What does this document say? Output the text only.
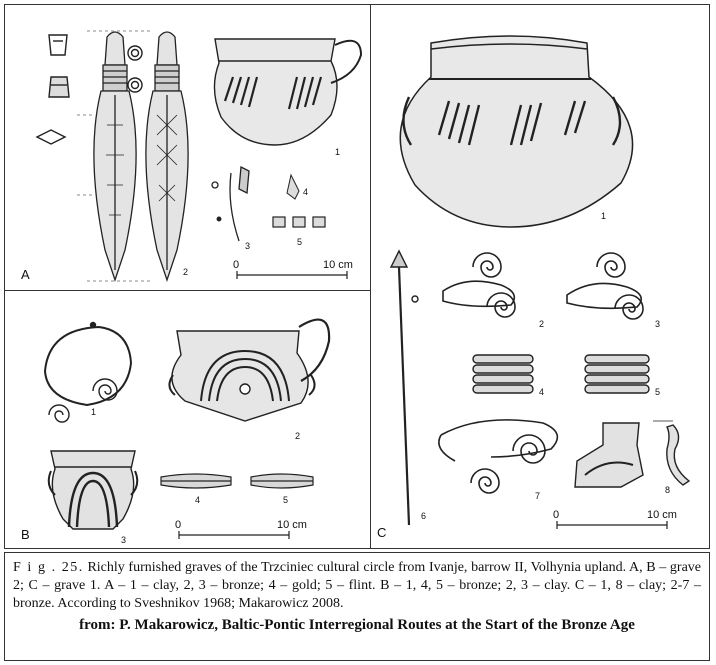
A	2
1
3
4
5
0	10 cm
B
1
2
3
4	5
0	10 cm	C
1
2	3
4	5
6
7
8
0	10 cm

F i g . 25. Richly furnished graves of the Trzciniec cultural circle from Ivanje, barrow II, Volhynia upland. A, B – grave 2; C – grave 1. A – 1 – clay, 2, 3 – bronze; 4 – gold; 5 – flint. B – 1, 4, 5 – bronze; 2, 3 – clay. C – 1, 8 – clay; 2-7 – bronze. According to Sveshnikov 1968; Makarowicz 2008.

from: P. Makarowicz, Baltic-Pontic Interregional Routes at the Start of the Bronze Age
